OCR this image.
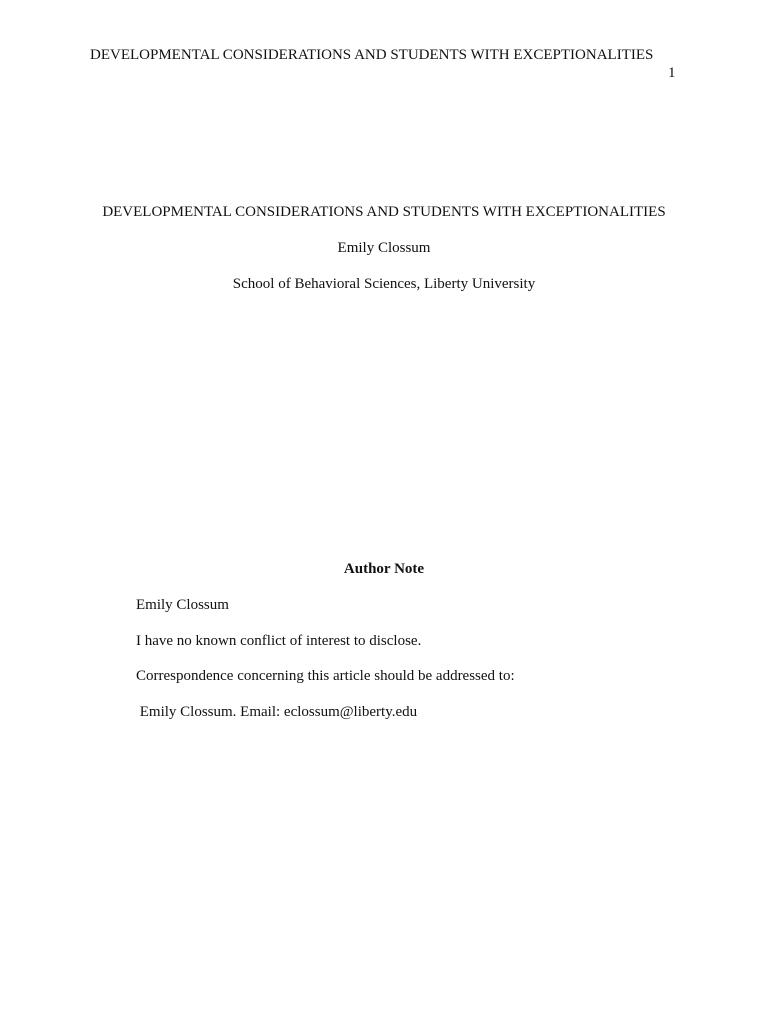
DEVELOPMENTAL CONSIDERATIONS AND STUDENTS WITH EXCEPTIONALITIES
1
DEVELOPMENTAL CONSIDERATIONS AND STUDENTS WITH EXCEPTIONALITIES
Emily Clossum
School of Behavioral Sciences, Liberty University
Author Note
Emily Clossum
I have no known conflict of interest to disclose.
Correspondence concerning this article should be addressed to:
Emily Clossum. Email: eclossum@liberty.edu
